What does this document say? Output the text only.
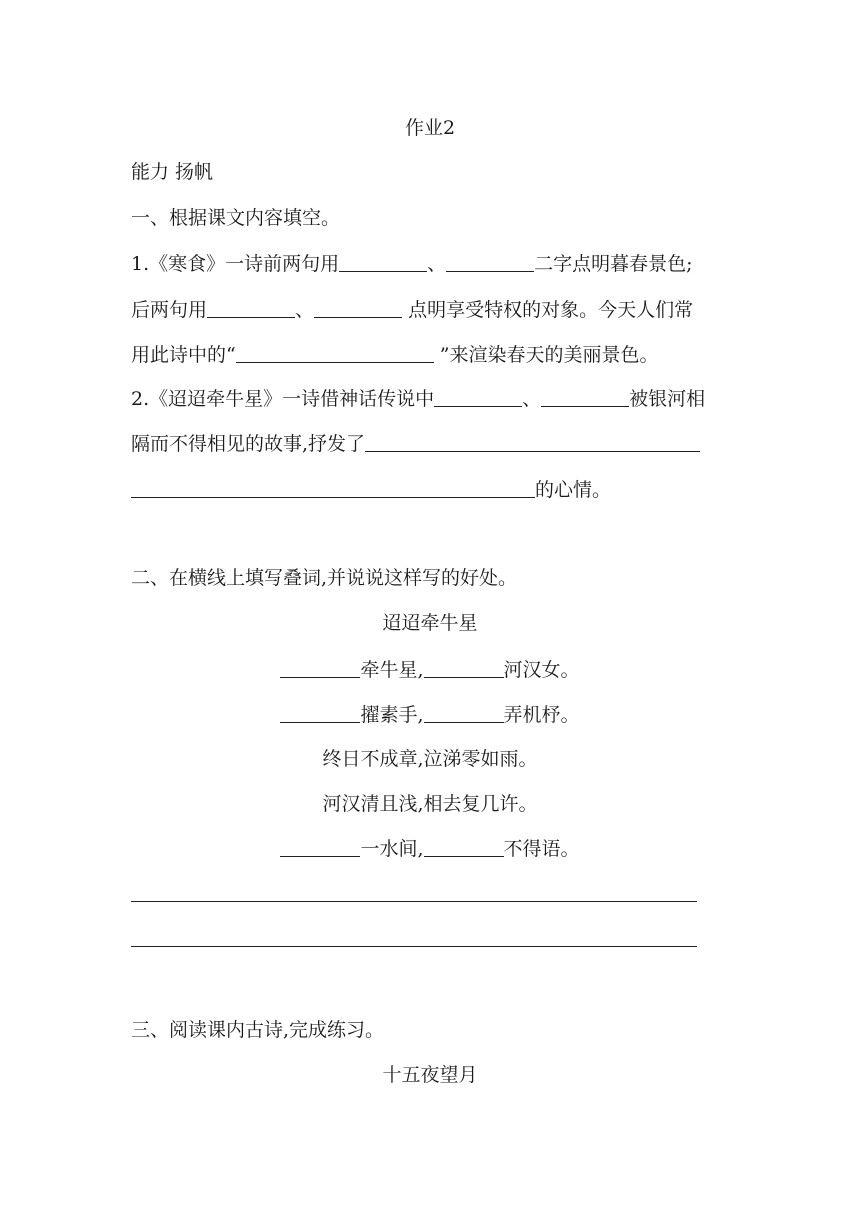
作业2
能力 扬帆
一、根据课文内容填空。
1.《寒食》一诗前两句用	、	二字点明暮春景色;
后两句用	、	点明享受特权的对象。今天人们常
用此诗中的“	”来渲染春天的美丽景色。
2.《迢迢牵牛星》一诗借神话传说中	、	被银河相
隔而不得相见的故事,抒发了
的心情。
二、在横线上填写叠词,并说说这样写的好处。
迢迢牵牛星
牵牛星,	河汉女。
擢素手,	弄机杼。
终日不成章,泣涕零如雨。
河汉清且浅,相去复几许。
一水间,	不得语。
三、阅读课内古诗,完成练习。
十五夜望月
